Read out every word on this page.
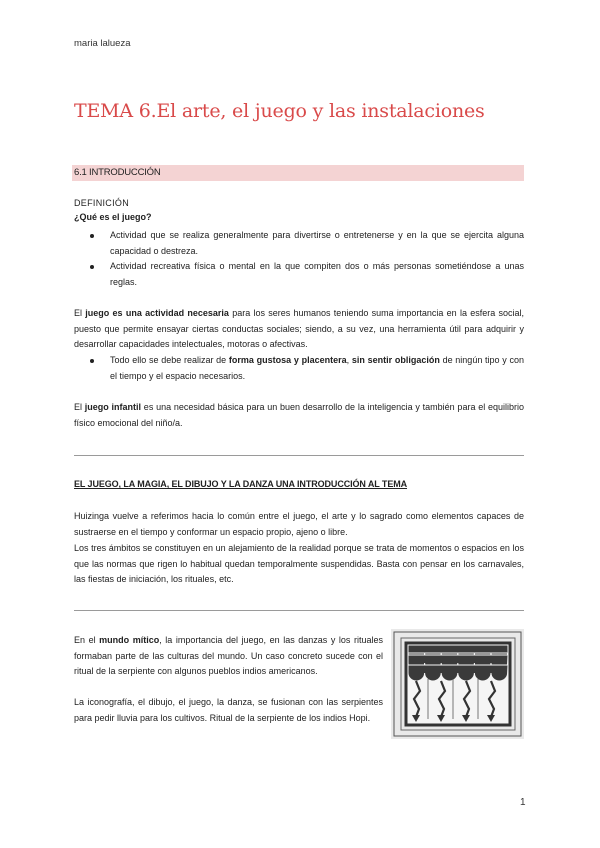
maria lalueza
TEMA 6.El arte, el juego y las instalaciones
6.1 INTRODUCCIÓN
DEFINICIÓN
¿Qué es el juego?
Actividad que se realiza generalmente para divertirse o entretenerse y en la que se ejercita alguna capacidad o destreza.
Actividad recreativa física o mental en la que compiten dos o más personas sometiéndose a unas reglas.
El juego es una actividad necesaria para los seres humanos teniendo suma importancia en la esfera social, puesto que permite ensayar ciertas conductas sociales; siendo, a su vez, una herramienta útil para adquirir y desarrollar capacidades intelectuales, motoras o afectivas.
Todo ello se debe realizar de forma gustosa y placentera, sin sentir obligación de ningún tipo y con el tiempo y el espacio necesarios.
El juego infantil es una necesidad básica para un buen desarrollo de la inteligencia y también para el equilibrio físico emocional del niño/a.
EL JUEGO, LA MAGIA, EL DIBUJO Y LA DANZA UNA INTRODUCCIÓN AL TEMA
Huizinga vuelve a referimos hacia lo común entre el juego, el arte y lo sagrado como elementos capaces de sustraerse en el tiempo y conformar un espacio propio, ajeno o libre.
Los tres ámbitos se constituyen en un alejamiento de la realidad porque se trata de momentos o espacios en los que las normas que rigen lo habitual quedan temporalmente suspendidas. Basta con pensar en los carnavales, las fiestas de iniciación, los rituales, etc.
En el mundo mítico, la importancia del juego, en las danzas y los rituales formaban parte de las culturas del mundo. Un caso concreto sucede con el ritual de la serpiente con algunos pueblos indios americanos.
La iconografía, el dibujo, el juego, la danza, se fusionan con las serpientes para pedir lluvia para los cultivos. Ritual de la serpiente de los indios Hopi.
1
